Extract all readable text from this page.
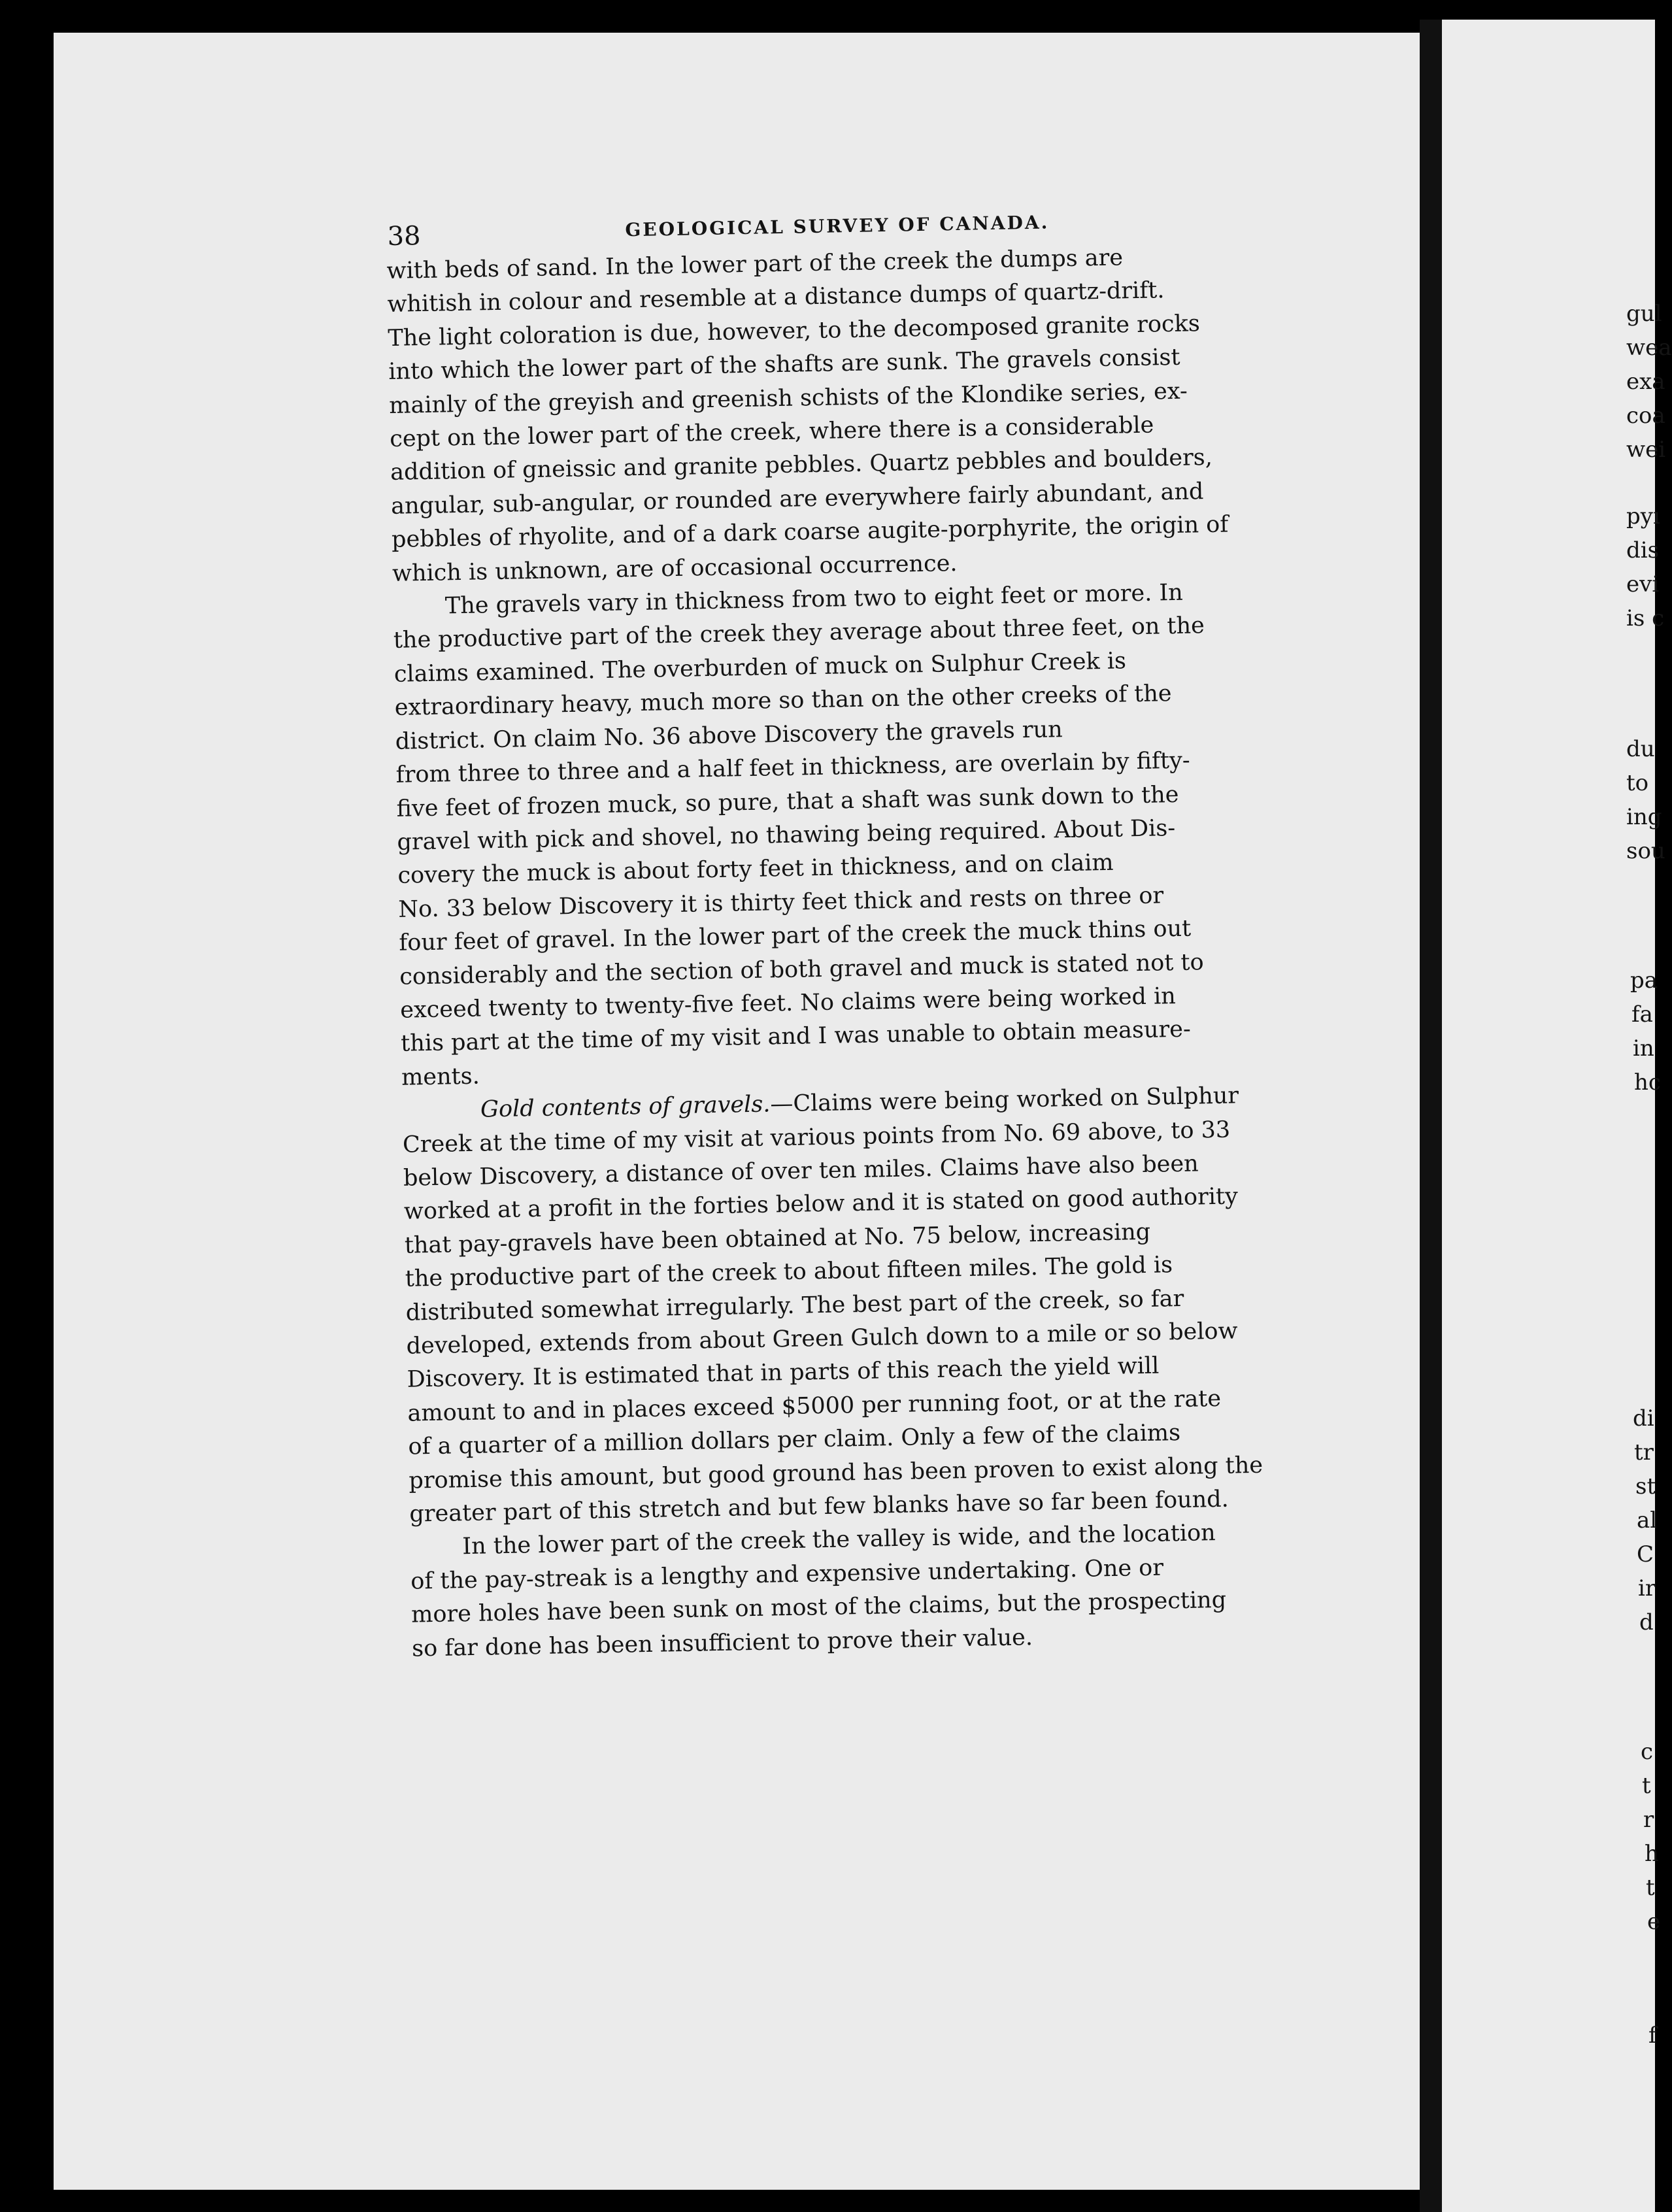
38	GEOLOGICAL SURVEY OF CANADA.
with beds of sand. In the lower part of the creek the dumps are
whitish in colour and resemble at a distance dumps of quartz-drift.
The light coloration is due, however, to the decomposed granite rocks
into which the lower part of the shafts are sunk. The gravels consist
mainly of the greyish and greenish schists of the Klondike series, ex-
cept on the lower part of the creek, where there is a considerable
addition of gneissic and granite pebbles. Quartz pebbles and boulders,
angular, sub-angular, or rounded are everywhere fairly abundant, and
pebbles of rhyolite, and of a dark coarse augite-porphyrite, the origin of
which is unknown, are of occasional occurrence.
The gravels vary in thickness from two to eight feet or more. In
the productive part of the creek they average about three feet, on the
claims examined. The overburden of muck on Sulphur Creek is
extraordinary heavy, much more so than on the other creeks of the
district. On claim No. 36 above Discovery the gravels run
from three to three and a half feet in thickness, are overlain by fifty-
five feet of frozen muck, so pure, that a shaft was sunk down to the
gravel with pick and shovel, no thawing being required. About Dis-
covery the muck is about forty feet in thickness, and on claim
No. 33 below Discovery it is thirty feet thick and rests on three or
four feet of gravel. In the lower part of the creek the muck thins out
considerably and the section of both gravel and muck is stated not to
exceed twenty to twenty-five feet. No claims were being worked in
this part at the time of my visit and I was unable to obtain measure-
ments.
Gold contents of gravels.—Claims were being worked on Sulphur
Creek at the time of my visit at various points from No. 69 above, to 33
below Discovery, a distance of over ten miles. Claims have also been
worked at a profit in the forties below and it is stated on good authority
that pay-gravels have been obtained at No. 75 below, increasing
the productive part of the creek to about fifteen miles. The gold is
distributed somewhat irregularly. The best part of the creek, so far
developed, extends from about Green Gulch down to a mile or so below
Discovery. It is estimated that in parts of this reach the yield will
amount to and in places exceed $5000 per running foot, or at the rate
of a quarter of a million dollars per claim. Only a few of the claims
promise this amount, but good ground has been proven to exist along the
greater part of this stretch and but few blanks have so far been found.
In the lower part of the creek the valley is wide, and the location
of the pay-streak is a lengthy and expensive undertaking. One or
more holes have been sunk on most of the claims, but the prospecting
so far done has been insufficient to prove their value.
gul
wea
exa
coa
wei
pyı
dis
evi
is c
du
to
ing
sou
pa
fa
in
hc
di
tr
st
al
C
ir
d
c
t
r
h
t
e
f
